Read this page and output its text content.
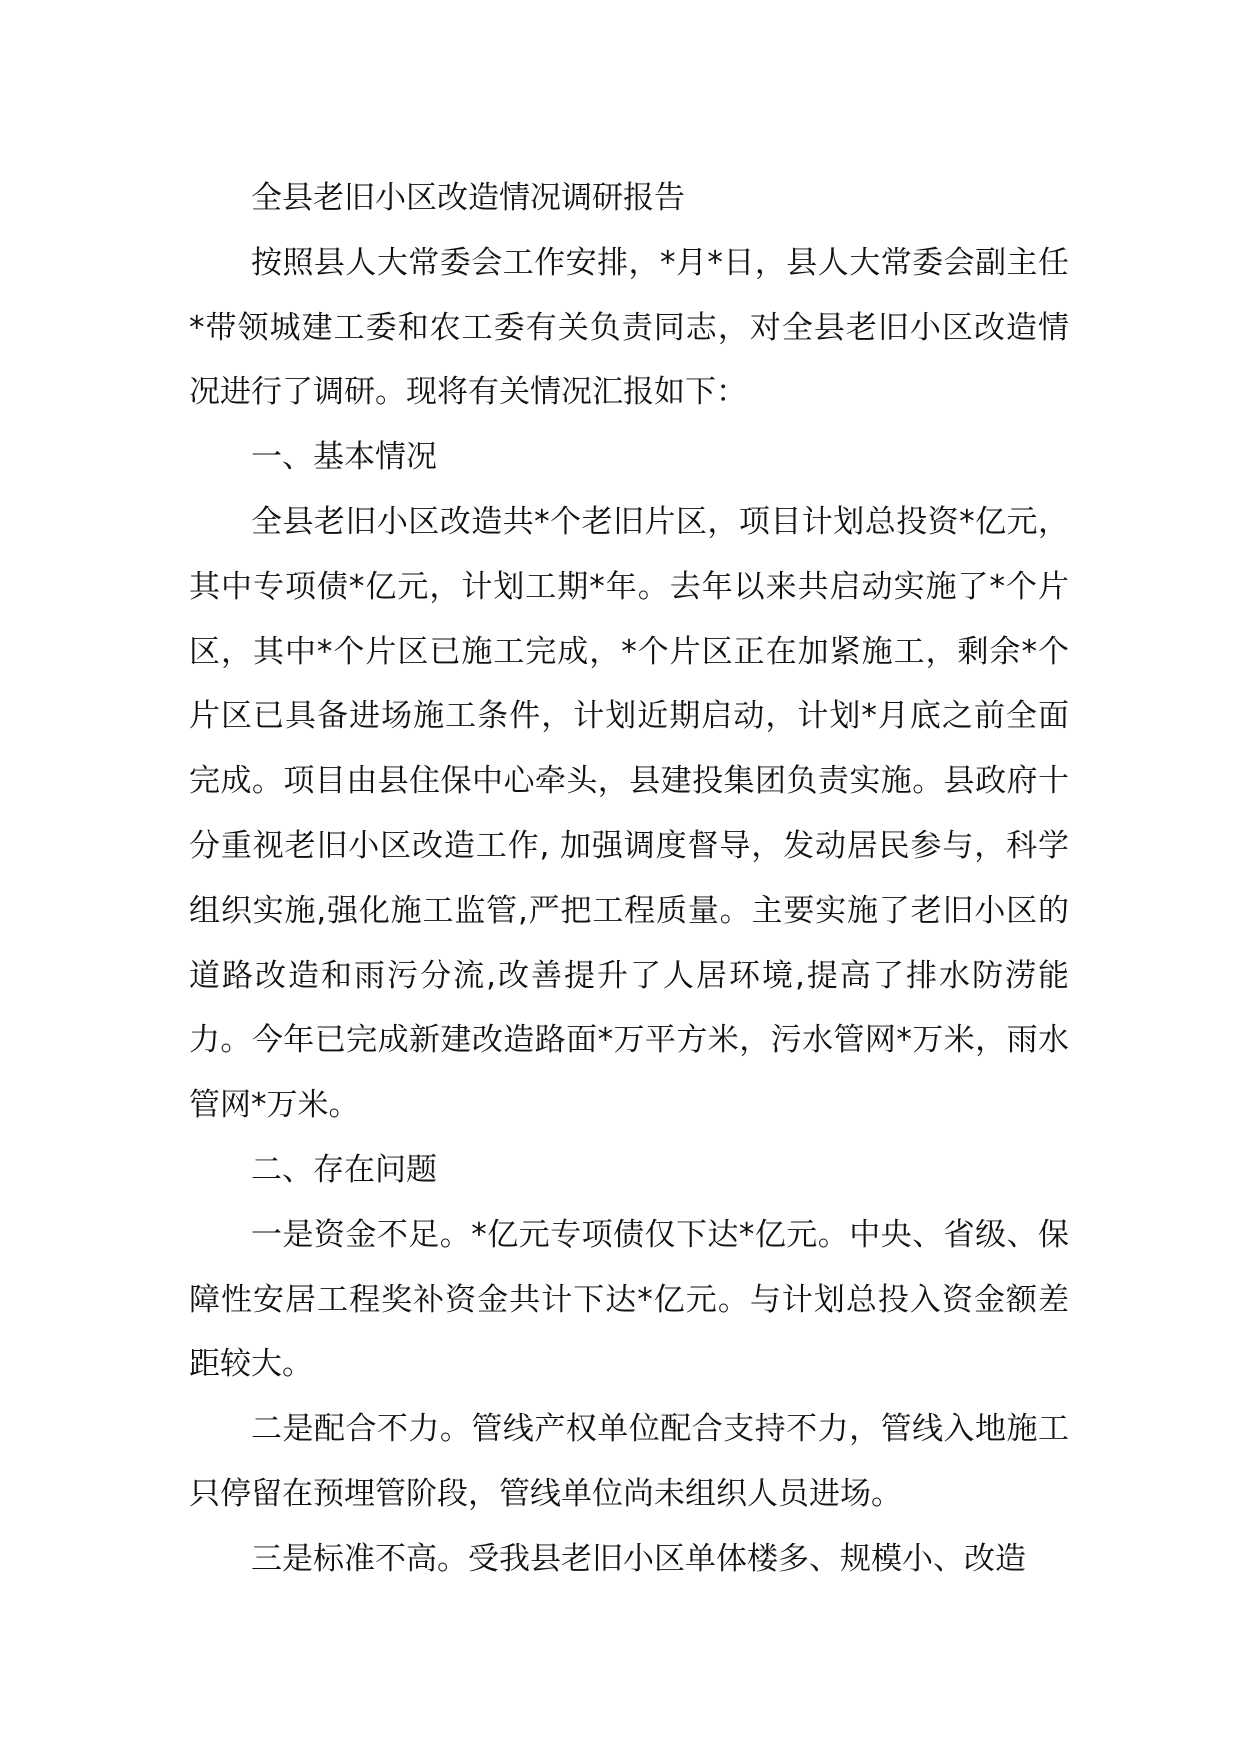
全县老旧小区改造情况调研报告

按照县人大常委会工作安排，*月*日，县人大常委会副主任*带领城建工委和农工委有关负责同志，对全县老旧小区改造情况进行了调研。现将有关情况汇报如下：

一、基本情况

全县老旧小区改造共*个老旧片区，项目计划总投资*亿元，其中专项债*亿元，计划工期*年。去年以来共启动实施了*个片区，其中*个片区已施工完成，*个片区正在加紧施工，剩余*个片区已具备进场施工条件，计划近期启动，计划*月底之前全面完成。项目由县住保中心牵头，县建投集团负责实施。县政府十分重视老旧小区改造工作, 加强调度督导，发动居民参与，科学组织实施,强化施工监管,严把工程质量。主要实施了老旧小区的道路改造和雨污分流,改善提升了人居环境,提高了排水防涝能力。今年已完成新建改造路面*万平方米，污水管网*万米，雨水管网*万米。

二、存在问题

一是资金不足。*亿元专项债仅下达*亿元。中央、省级、保障性安居工程奖补资金共计下达*亿元。与计划总投入资金额差距较大。

二是配合不力。管线产权单位配合支持不力，管线入地施工只停留在预埋管阶段，管线单位尚未组织人员进场。

三是标准不高。受我县老旧小区单体楼多、规模小、改造
